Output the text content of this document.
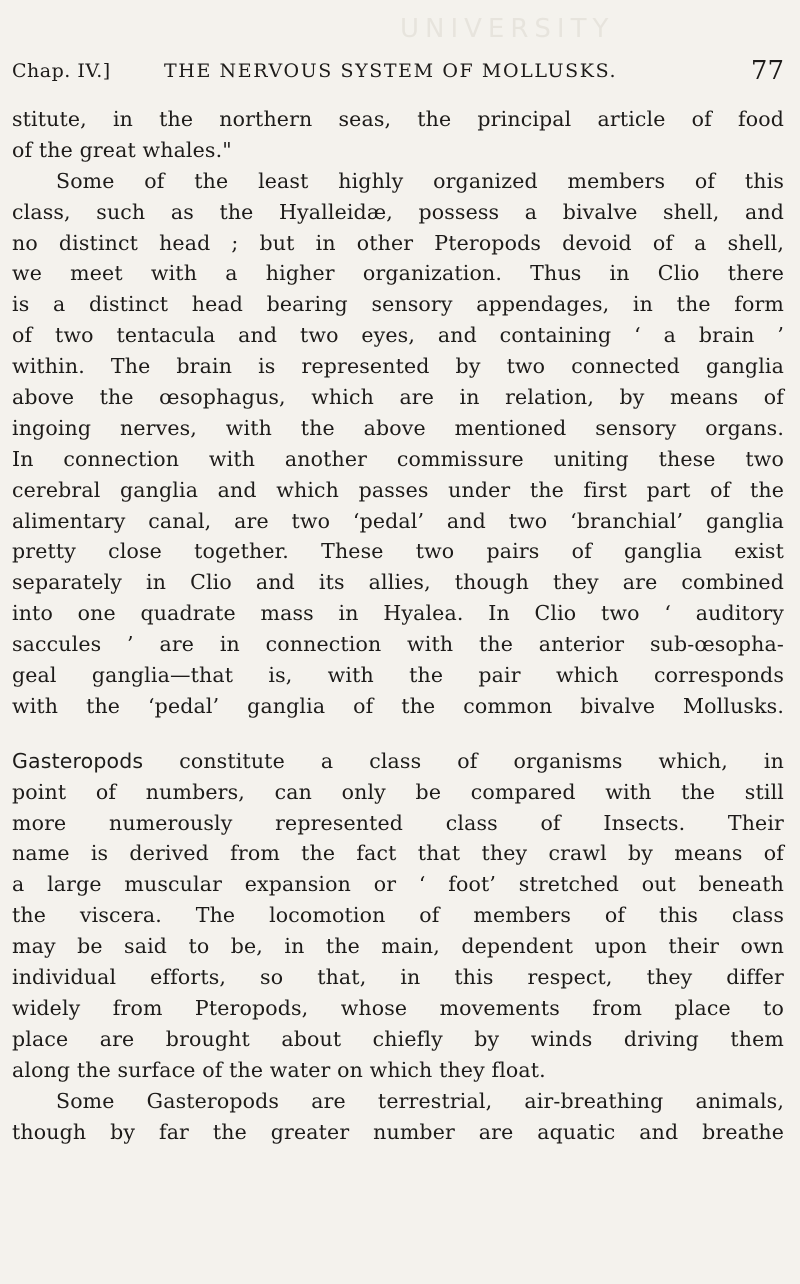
UNIVERSITY
Chap. IV.]	THE NERVOUS SYSTEM OF MOLLUSKS.	77
stitute, in the northern seas, the principal article of food
of the great whales."
Some of the least highly organized members of this
class, such as the Hyalleidæ, possess a bivalve shell, and
no distinct head ; but in other Pteropods devoid of a shell,
we meet with a higher organization. Thus in Clio there
is a distinct head bearing sensory appendages, in the form
of two tentacula and two eyes, and containing ‘ a brain ’
within. The brain is represented by two connected ganglia
above the œsophagus, which are in relation, by means of
ingoing nerves, with the above mentioned sensory organs.
In connection with another commissure uniting these two
cerebral ganglia and which passes under the first part of the
alimentary canal, are two ‘pedal’ and two ‘branchial’ ganglia
pretty close together. These two pairs of ganglia exist
separately in Clio and its allies, though they are combined
into one quadrate mass in Hyalea. In Clio two ‘ auditory
saccules ’ are in connection with the anterior sub-œsopha-
geal ganglia—that is, with the pair which corresponds
with the ‘pedal’ ganglia of the common bivalve Mollusks.
Gasteropods constitute a class of organisms which, in
point of numbers, can only be compared with the still
more numerously represented class of Insects. Their
name is derived from the fact that they crawl by means of
a large muscular expansion or ‘ foot’ stretched out beneath
the viscera. The locomotion of members of this class
may be said to be, in the main, dependent upon their own
individual efforts, so that, in this respect, they differ
widely from Pteropods, whose movements from place to
place are brought about chiefly by winds driving them
along the surface of the water on which they float.
Some Gasteropods are terrestrial, air-breathing animals,
though by far the greater number are aquatic and breathe
